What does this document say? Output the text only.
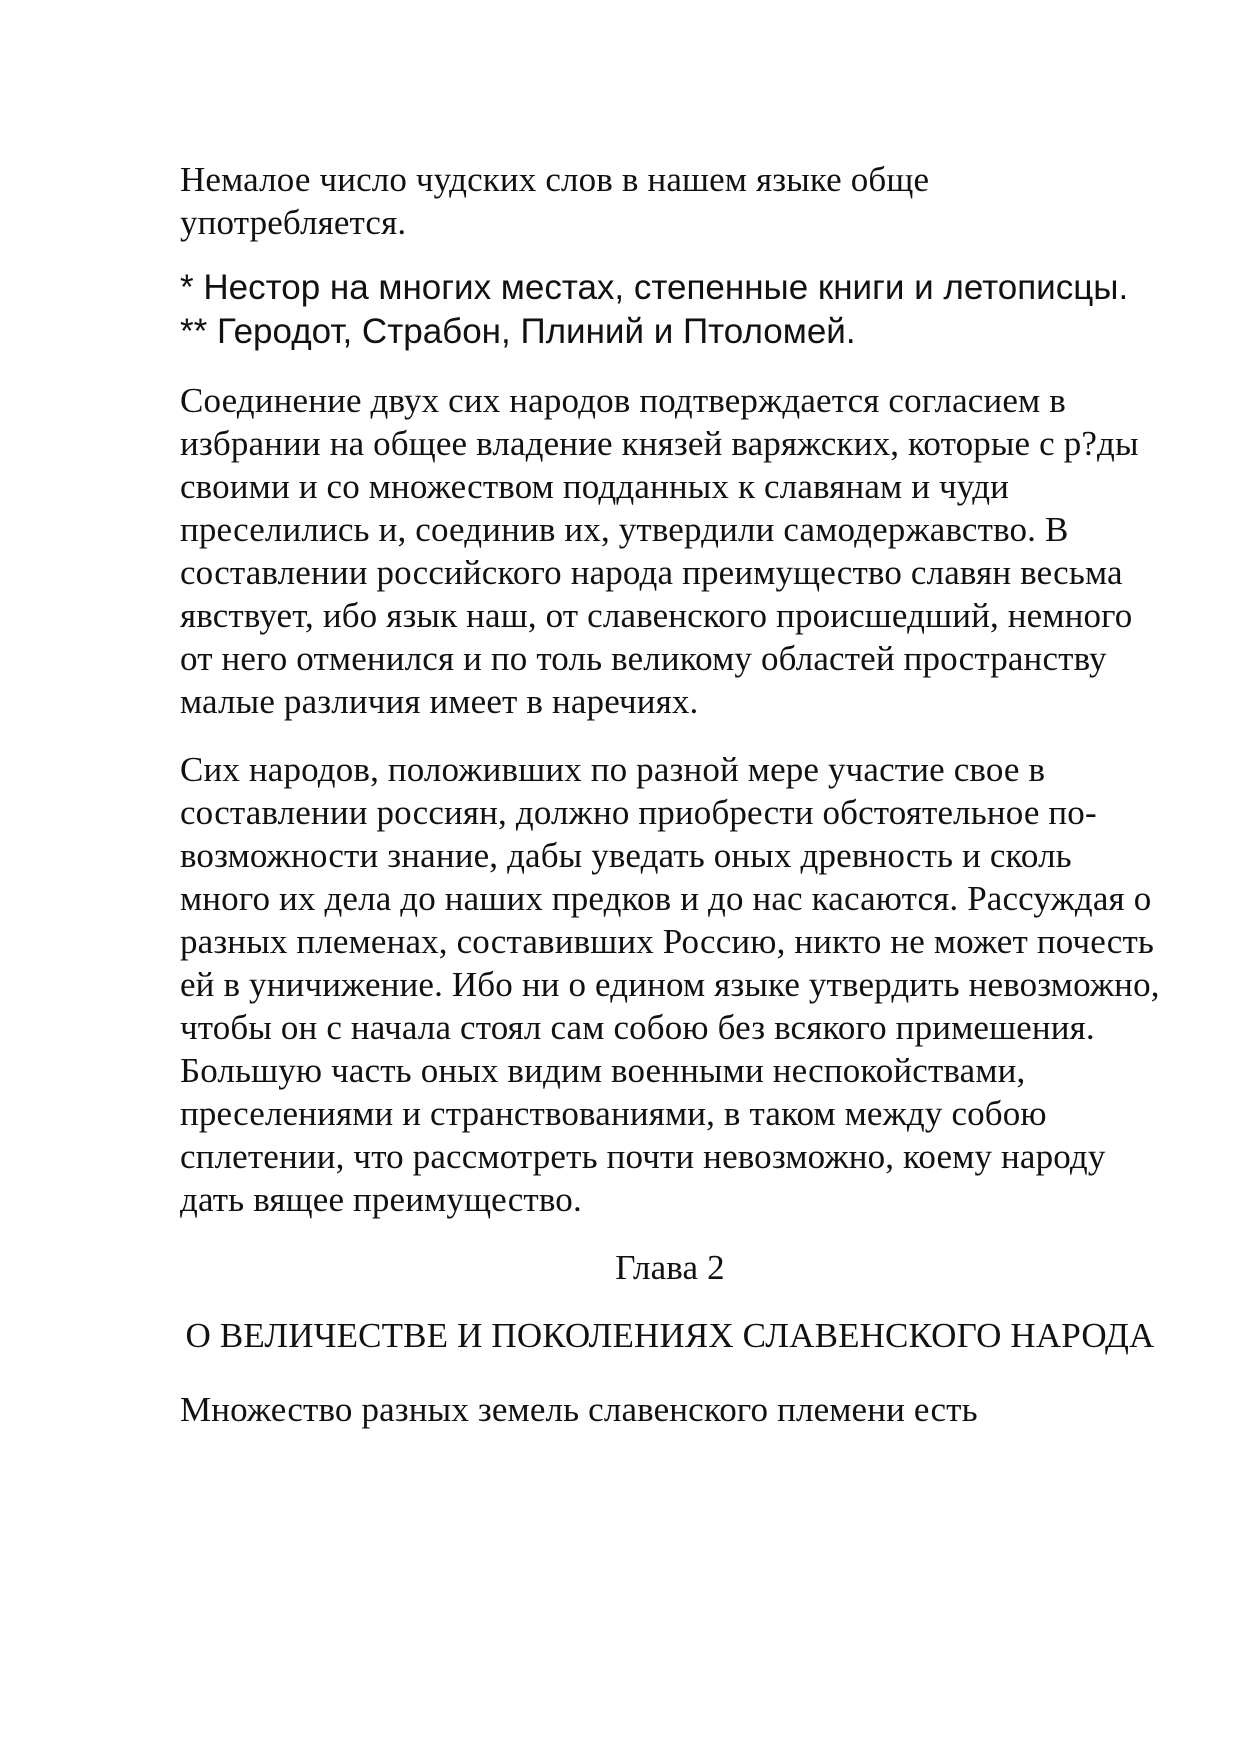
Немалое число чудских слов в нашем языке обще употребляется.

* Нестор на многих местах, степенные книги и летописцы.

** Геродот, Страбон, Плиний и Птоломей.

Соединение двух сих народов подтверждается согласием в избрании на общее владение князей варяжских, которые с р?ды своими и со множеством подданных к славянам и чуди преселились и, соединив их, утвердили самодержавство. В составлении российского народа преимущество славян весьма явствует, ибо язык наш, от славенского происшедший, немного от него отменился и по толь великому областей пространству малые различия имеет в наречиях.

Сих народов, положивших по разной мере участие свое в составлении россиян, должно приобрести обстоятельное по-возможности знание, дабы уведать оных древность и сколь много их дела до наших предков и до нас касаются. Рассуждая о разных племенах, составивших Россию, никто не может почесть ей в уничижение. Ибо ни о едином языке утвердить невозможно, чтобы он с начала стоял сам собою без всякого примешения. Большую часть оных видим военными неспокойствами, преселениями и странствованиями, в таком между собою сплетении, что рассмотреть почти невозможно, коему народу дать вящее преимущество.

Глава 2

О ВЕЛИЧЕСТВЕ И ПОКОЛЕНИЯХ СЛАВЕНСКОГО НАРОДА

Множество разных земель славенского племени есть
